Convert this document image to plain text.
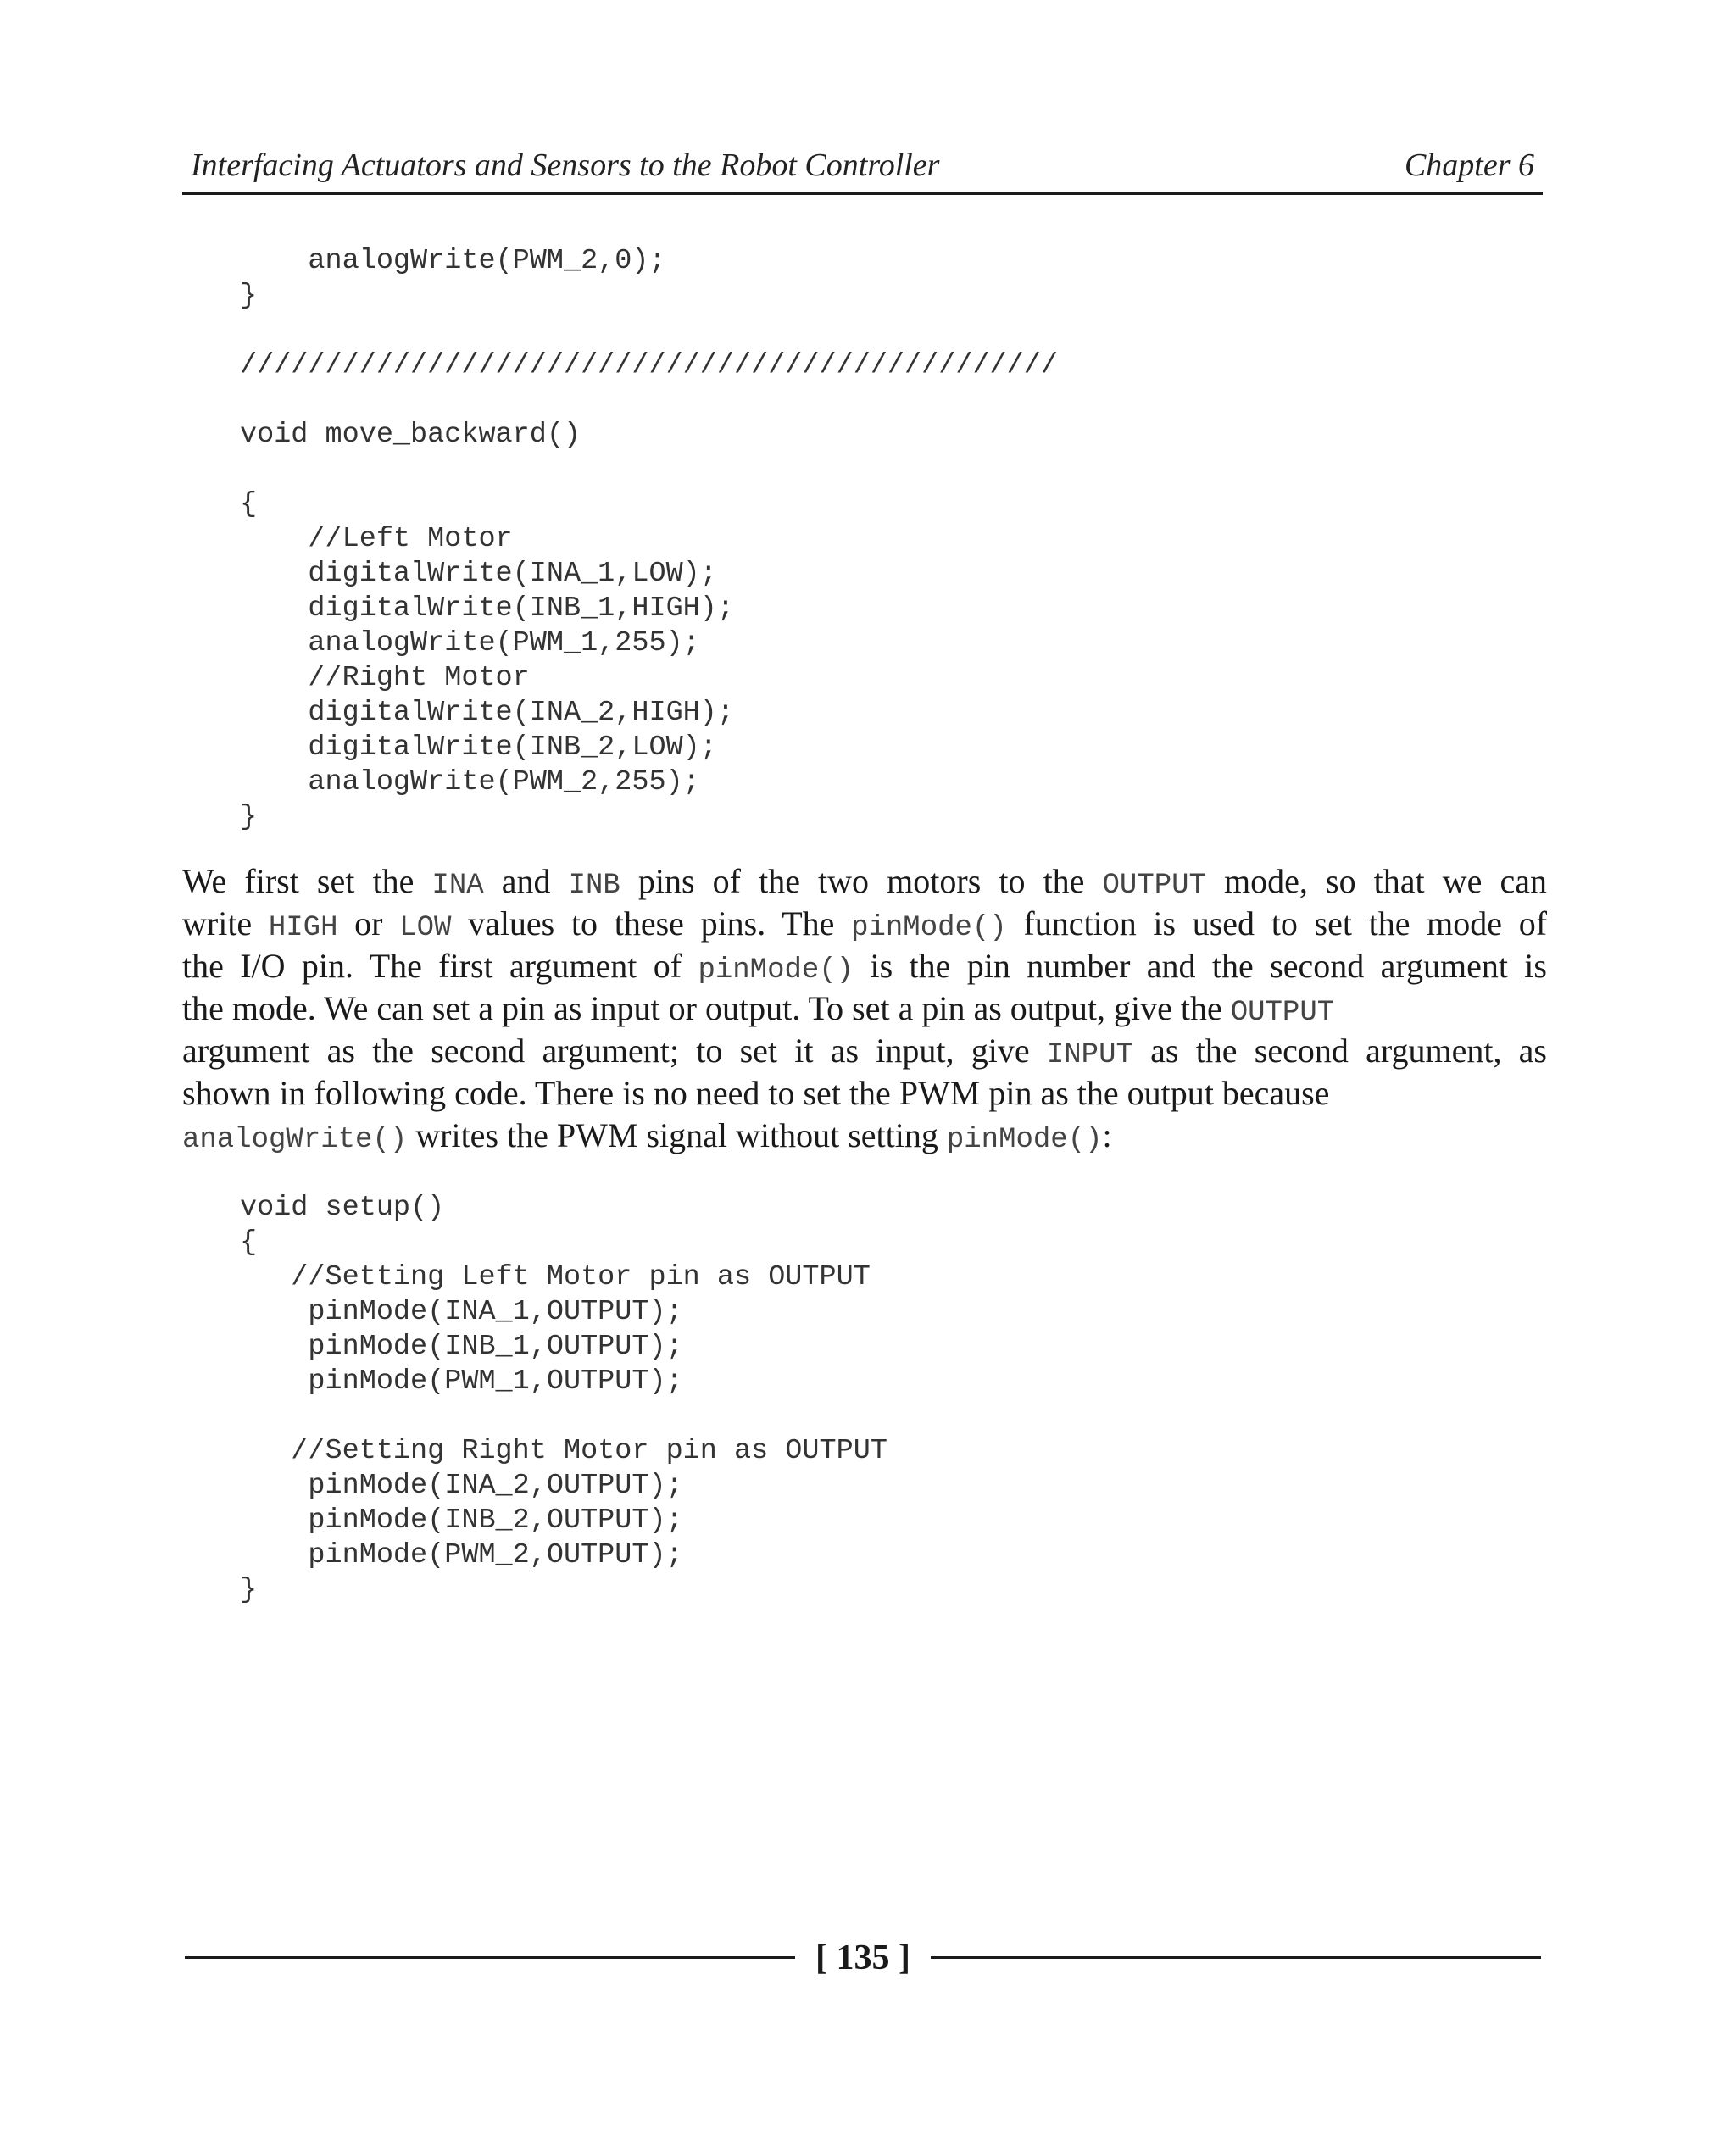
Interfacing Actuators and Sensors to the Robot Controller	Chapter 6
analogWrite(PWM_2,0);
}
////////////////////////////////////////////////
void move_backward()
{
//Left Motor
digitalWrite(INA_1,LOW);
digitalWrite(INB_1,HIGH);
analogWrite(PWM_1,255);
//Right Motor
digitalWrite(INA_2,HIGH);
digitalWrite(INB_2,LOW);
analogWrite(PWM_2,255);
}
We first set the INA and INB pins of the two motors to the OUTPUT mode, so that we can
write HIGH or LOW values to these pins. The pinMode() function is used to set the mode of
the I/O pin. The first argument of pinMode() is the pin number and the second argument is
the mode. We can set a pin as input or output. To set a pin as output, give the OUTPUT
argument as the second argument; to set it as input, give INPUT as the second argument, as
shown in following code. There is no need to set the PWM pin as the output because
analogWrite() writes the PWM signal without setting pinMode():
void setup()
{
//Setting Left Motor pin as OUTPUT
pinMode(INA_1,OUTPUT);
pinMode(INB_1,OUTPUT);
pinMode(PWM_1,OUTPUT);
//Setting Right Motor pin as OUTPUT
pinMode(INA_2,OUTPUT);
pinMode(INB_2,OUTPUT);
pinMode(PWM_2,OUTPUT);
}
[ 135 ]
